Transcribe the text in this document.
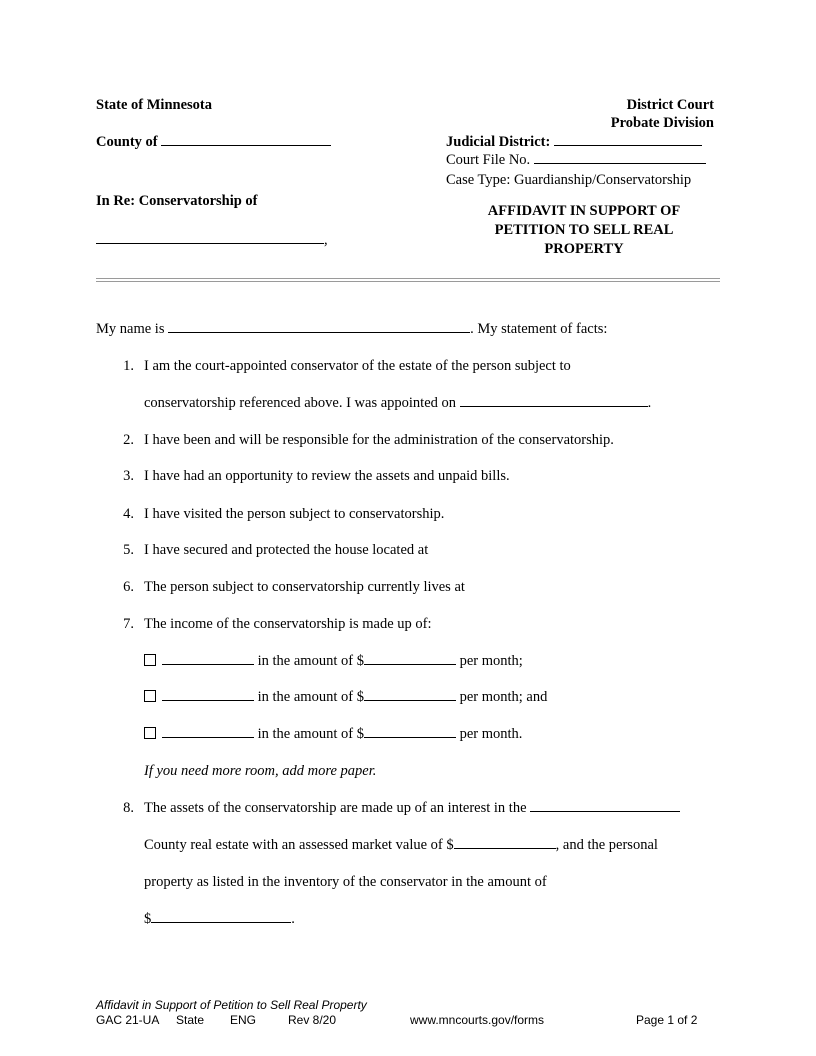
State of Minnesota
County of
In Re: Conservatorship of
,
District Court
Probate Division
Judicial District:
Court File No.
Case Type: Guardianship/Conservatorship
AFFIDAVIT IN SUPPORT OF
PETITION TO SELL REAL
PROPERTY
My name is	. My statement of facts:
1. I am the court-appointed conservator of the estate of the person subject to
conservatorship referenced above. I was appointed on	.
2. I have been and will be responsible for the administration of the conservatorship.
3. I have had an opportunity to review the assets and unpaid bills.
4. I have visited the person subject to conservatorship.
5. I have secured and protected the house located at
6. The person subject to conservatorship currently lives at
7. The income of the conservatorship is made up of:
in the amount of $	per month;
in the amount of $	per month; and
in the amount of $	per month.
If you need more room, add more paper.
8. The assets of the conservatorship are made up of an interest in the
County real estate with an assessed market value of $	, and the personal
property as listed in the inventory of the conservator in the amount of
$	.
Affidavit in Support of Petition to Sell Real Property
GAC 21-UA State ENG	Rev 8/20	www.mncourts.gov/forms	Page 1 of 2
